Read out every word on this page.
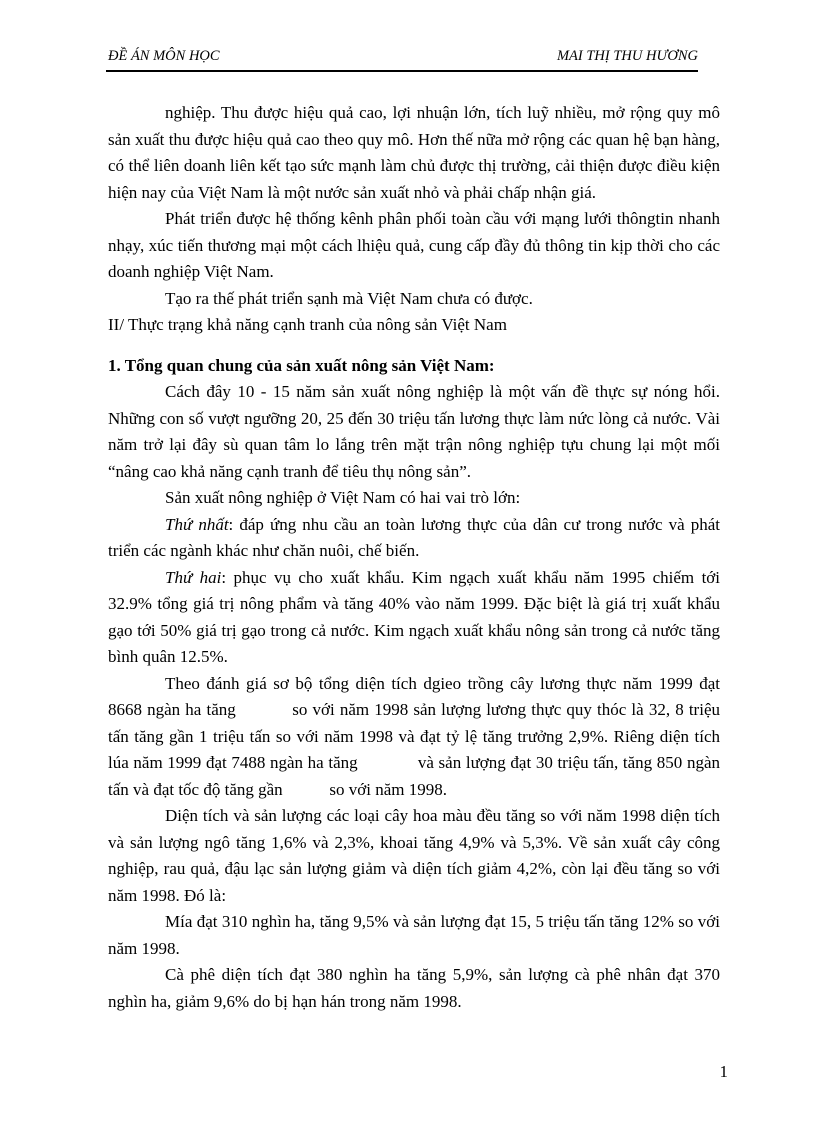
ĐỀ ÁN MÔN HỌC	MAI THỊ THU HƯƠNG

nghiệp. Thu được hiệu quả cao, lợi nhuận lớn, tích luỹ nhiều, mở rộng quy mô sản xuất thu được hiệu quả cao theo quy mô. Hơn thế nữa mở rộng các quan hệ bạn hàng, có thể liên doanh liên kết tạo sức mạnh làm chủ được thị trường, cải thiện được điều kiện hiện nay của Việt Nam là một nước sản xuất nhỏ và phải chấp nhận giá.

Phát triển được hệ thống kênh phân phối toàn cầu với mạng lưới thôngtin nhanh nhạy, xúc tiến thương mại một cách lhiệu quả, cung cấp đầy đủ thông tin kịp thời cho các doanh nghiệp Việt Nam.

Tạo ra thế phát triển sạnh mà Việt Nam chưa có được.

II/ Thực trạng khả năng cạnh tranh của nông sản Việt Nam

1. Tổng quan chung của sản xuất nông sản Việt Nam:

Cách đây 10 - 15 năm sản xuất nông nghiệp là một vấn đề thực sự nóng hổi. Những con số vượt ngưỡng 20, 25 đến 30 triệu tấn lương thực làm nức lòng cả nước. Vài năm trở lại đây sù quan tâm lo lắng trên mặt trận nông nghiệp tựu chung lại một mối “nâng cao khả năng cạnh tranh để tiêu thụ nông sản”.

Sản xuất nông nghiệp ở Việt Nam có hai vai trò lớn:

Thứ nhất: đáp ứng nhu cầu an toàn lương thực của dân cư trong nước và phát triển các ngành khác như chăn nuôi, chế biến.

Thứ hai: phục vụ cho xuất khẩu. Kim ngạch xuất khẩu năm 1995 chiếm tới 32.9% tổng giá trị nông phẩm và tăng 40% vào năm 1999. Đặc biệt là giá trị xuất khẩu gạo tới 50% giá trị gạo trong cả nước. Kim ngạch xuất khẩu nông sản trong cả nước tăng bình quân 12.5%.

Theo đánh giá sơ bộ tổng diện tích dgieo trồng cây lương thực năm 1999 đạt 8668 ngàn ha tăng           so với năm 1998 sản lượng lương thực quy thóc là 32, 8 triệu tấn tăng gần 1 triệu tấn so với năm 1998 và đạt tỷ lệ tăng trưởng 2,9%. Riêng diện tích lúa năm 1999 đạt 7488 ngàn ha tăng             và sản lượng đạt 30 triệu tấn, tăng 850 ngàn tấn và đạt tốc độ tăng gần           so với năm 1998.

Diện tích và sản lượng các loại cây hoa màu đều tăng so với năm 1998 diện tích và sản lượng ngô tăng 1,6% và 2,3%, khoai tăng 4,9% và 5,3%. Về sản xuất cây công nghiệp, rau quả, đậu lạc sản lượng giảm và diện tích giảm 4,2%, còn lại đều tăng so với năm 1998. Đó là:

Mía đạt 310 nghìn ha, tăng 9,5% và sản lượng đạt 15, 5 triệu tấn tăng 12% so với năm 1998.

Cà phê diện tích đạt 380 nghìn ha tăng 5,9%, sản lượng cà phê nhân đạt 370 nghìn ha, giảm 9,6% do bị hạn hán trong năm 1998.

1
